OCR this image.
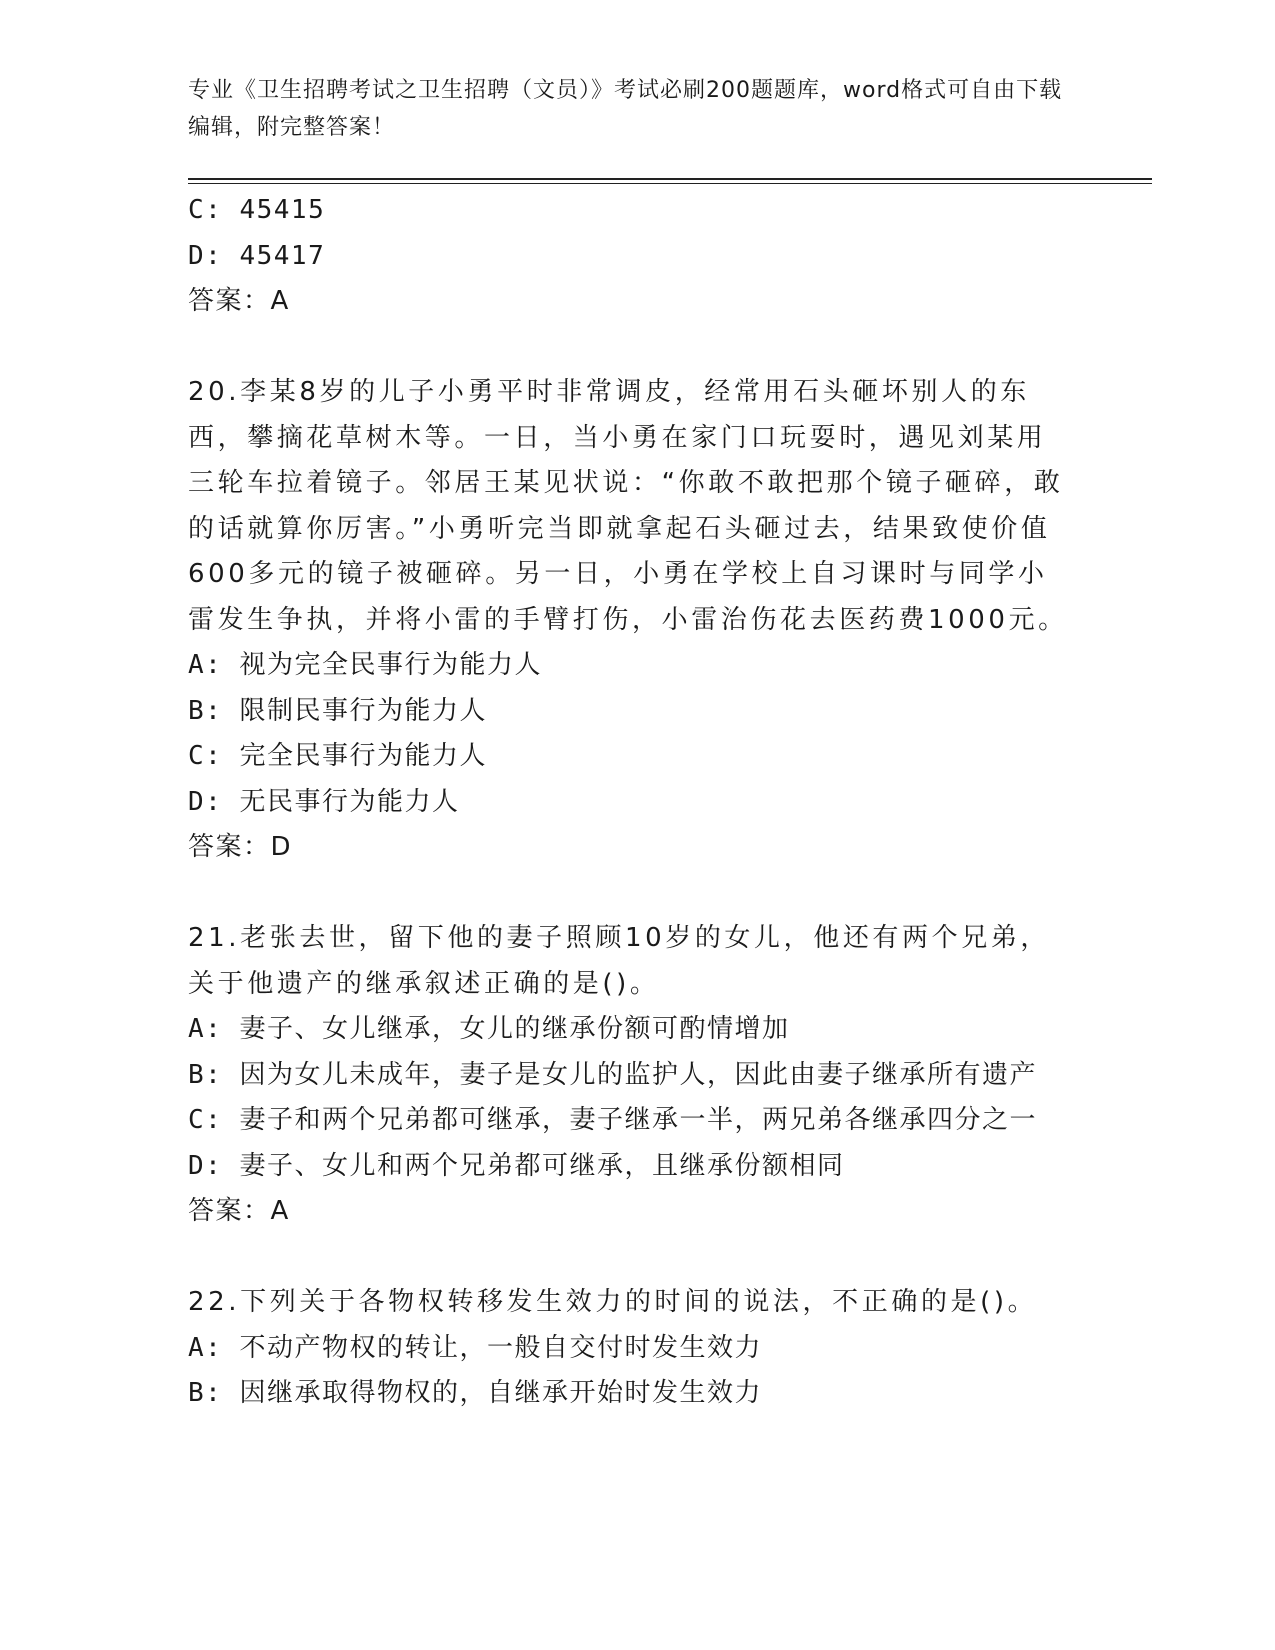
专业《卫生招聘考试之卫生招聘（文员）》考试必刷200题题库，word格式可自由下载编辑，附完整答案！
C: 45415
D: 45417
答案：A
20.李某8岁的儿子小勇平时非常调皮，经常用石头砸坏别人的东西，攀摘花草树木等。一日，当小勇在家门口玩耍时，遇见刘某用三轮车拉着镜子。邻居王某见状说：“你敢不敢把那个镜子砸碎，敢的话就算你厉害。”小勇听完当即就拿起石头砸过去，结果致使价值600多元的镜子被砸碎。另一日，小勇在学校上自习课时与同学小雷发生争执，并将小雷的手臂打伤，小雷治伤花去医药费1000元。
A: 视为完全民事行为能力人
B: 限制民事行为能力人
C: 完全民事行为能力人
D: 无民事行为能力人
答案：D
21.老张去世，留下他的妻子照顾10岁的女儿，他还有两个兄弟，关于他遗产的继承叙述正确的是()。
A: 妻子、女儿继承，女儿的继承份额可酌情增加
B: 因为女儿未成年，妻子是女儿的监护人，因此由妻子继承所有遗产
C: 妻子和两个兄弟都可继承，妻子继承一半，两兄弟各继承四分之一
D: 妻子、女儿和两个兄弟都可继承，且继承份额相同
答案：A
22.下列关于各物权转移发生效力的时间的说法，不正确的是()。
A: 不动产物权的转让，一般自交付时发生效力
B: 因继承取得物权的，自继承开始时发生效力
